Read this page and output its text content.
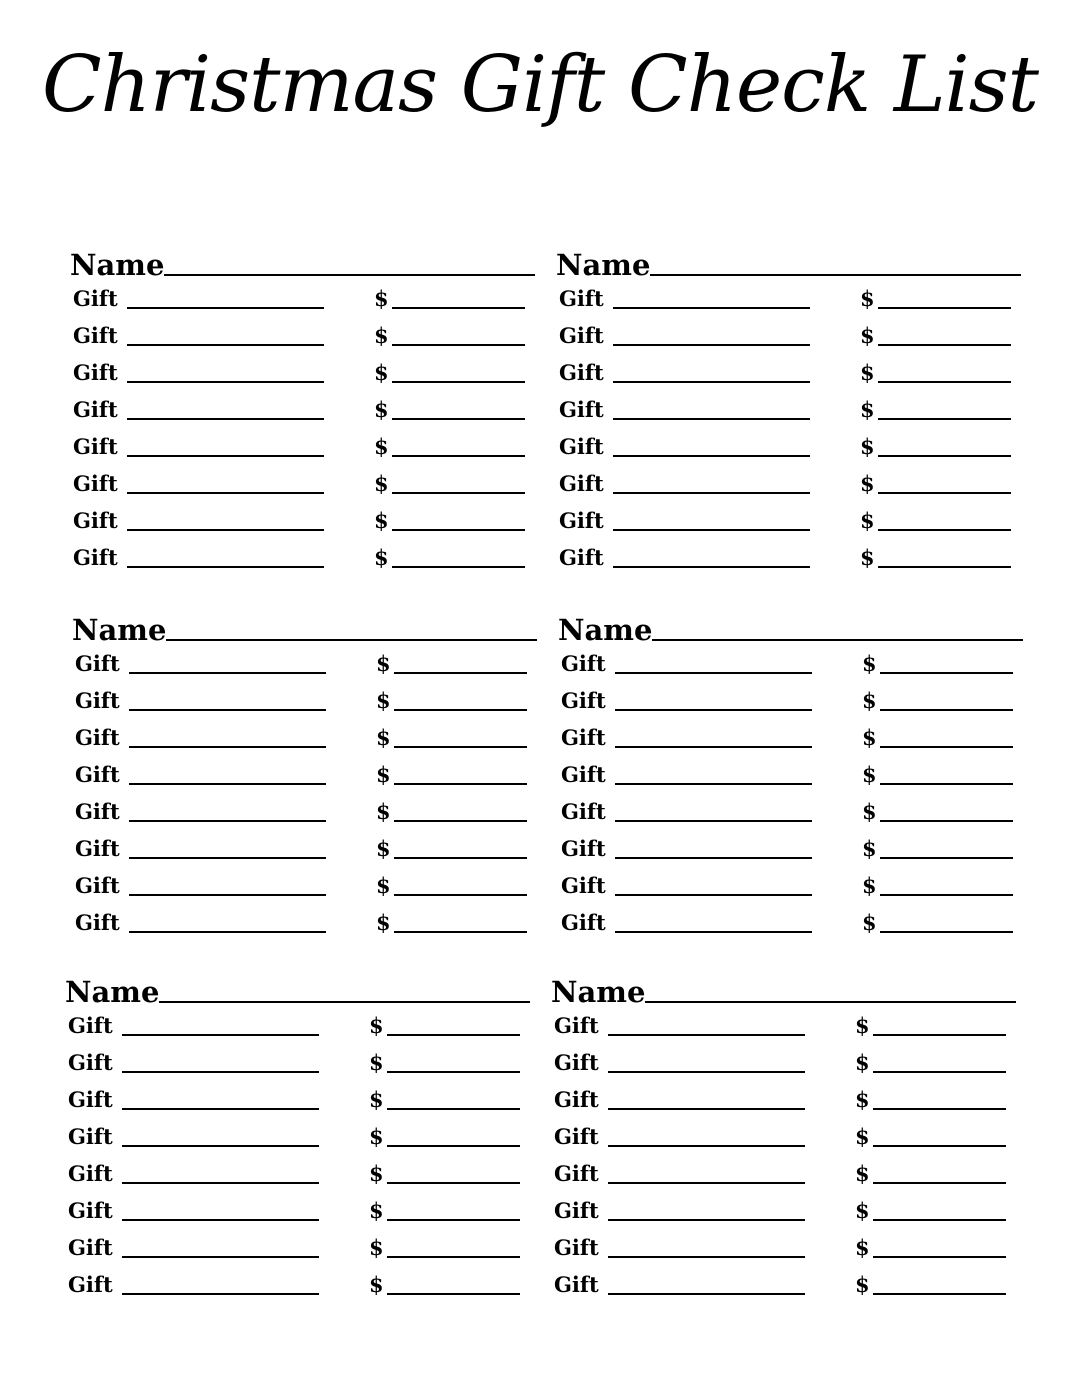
Christmas Gift Check List
Name
Gift	$
Gift	$
Gift	$
Gift	$
Gift	$
Gift	$
Gift	$
Gift	$
Name
Gift	$
Gift	$
Gift	$
Gift	$
Gift	$
Gift	$
Gift	$
Gift	$
Name
Gift	$
Gift	$
Gift	$
Gift	$
Gift	$
Gift	$
Gift	$
Gift	$
Name
Gift	$
Gift	$
Gift	$
Gift	$
Gift	$
Gift	$
Gift	$
Gift	$
Name
Gift	$
Gift	$
Gift	$
Gift	$
Gift	$
Gift	$
Gift	$
Gift	$
Name
Gift	$
Gift	$
Gift	$
Gift	$
Gift	$
Gift	$
Gift	$
Gift	$
